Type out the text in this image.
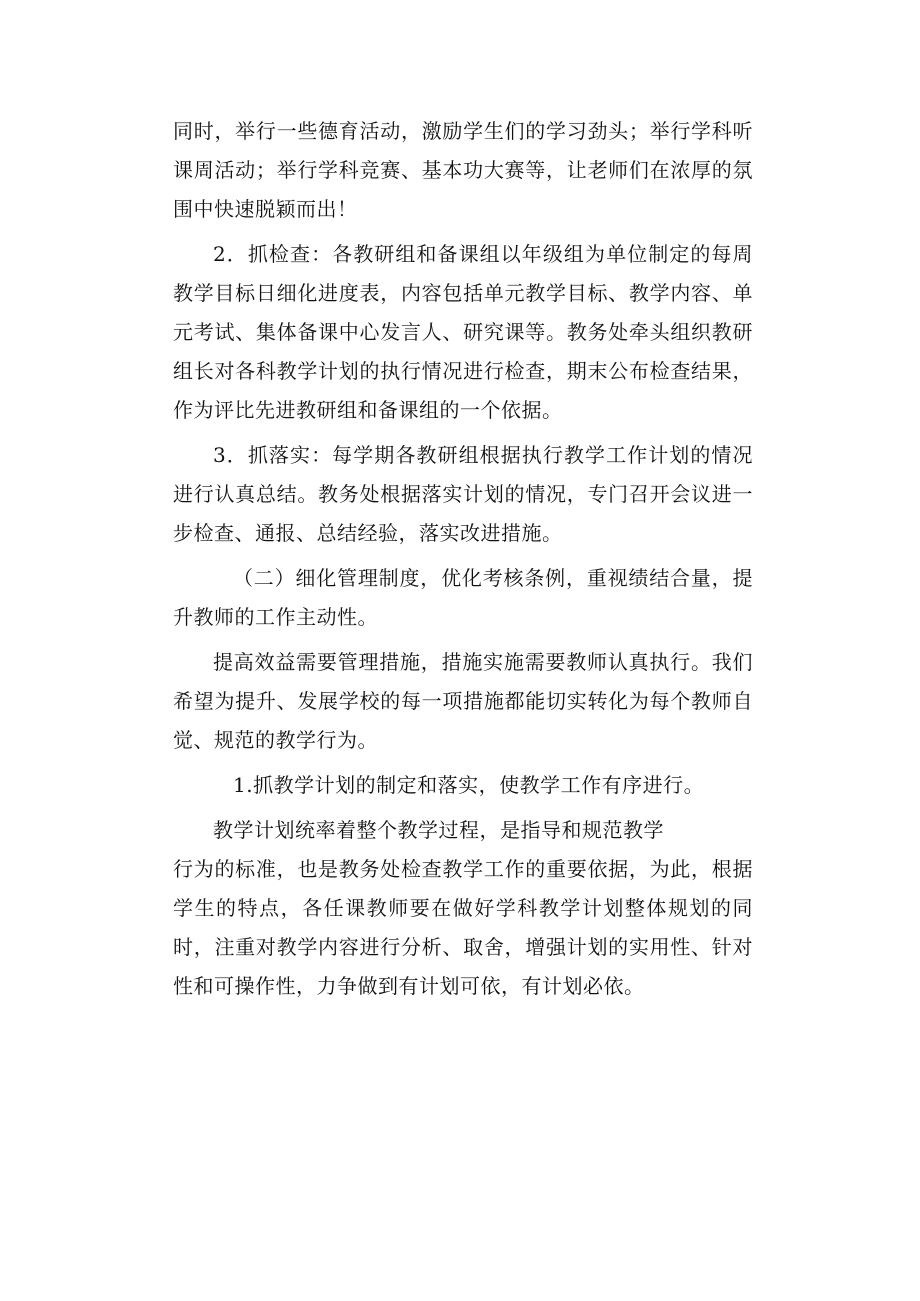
同时，举行一些德育活动，激励学生们的学习劲头；举行学科听课周活动；举行学科竞赛、基本功大赛等，让老师们在浓厚的氛围中快速脱颖而出！

2．抓检查：各教研组和备课组以年级组为单位制定的每周教学目标日细化进度表，内容包括单元教学目标、教学内容、单元考试、集体备课中心发言人、研究课等。教务处牵头组织教研组长对各科教学计划的执行情况进行检查，期末公布检查结果，作为评比先进教研组和备课组的一个依据。

3．抓落实：每学期各教研组根据执行教学工作计划的情况进行认真总结。教务处根据落实计划的情况，专门召开会议进一步检查、通报、总结经验，落实改进措施。

（二）细化管理制度，优化考核条例，重视绩结合量，提升教师的工作主动性。

提高效益需要管理措施，措施实施需要教师认真执行。我们希望为提升、发展学校的每一项措施都能切实转化为每个教师自觉、规范的教学行为。

1.抓教学计划的制定和落实，使教学工作有序进行。

教学计划统率着整个教学过程，是指导和规范教学

行为的标准，也是教务处检查教学工作的重要依据，为此，根据学生的特点，各任课教师要在做好学科教学计划整体规划的同时，注重对教学内容进行分析、取舍，增强计划的实用性、针对性和可操作性，力争做到有计划可依，有计划必依。
